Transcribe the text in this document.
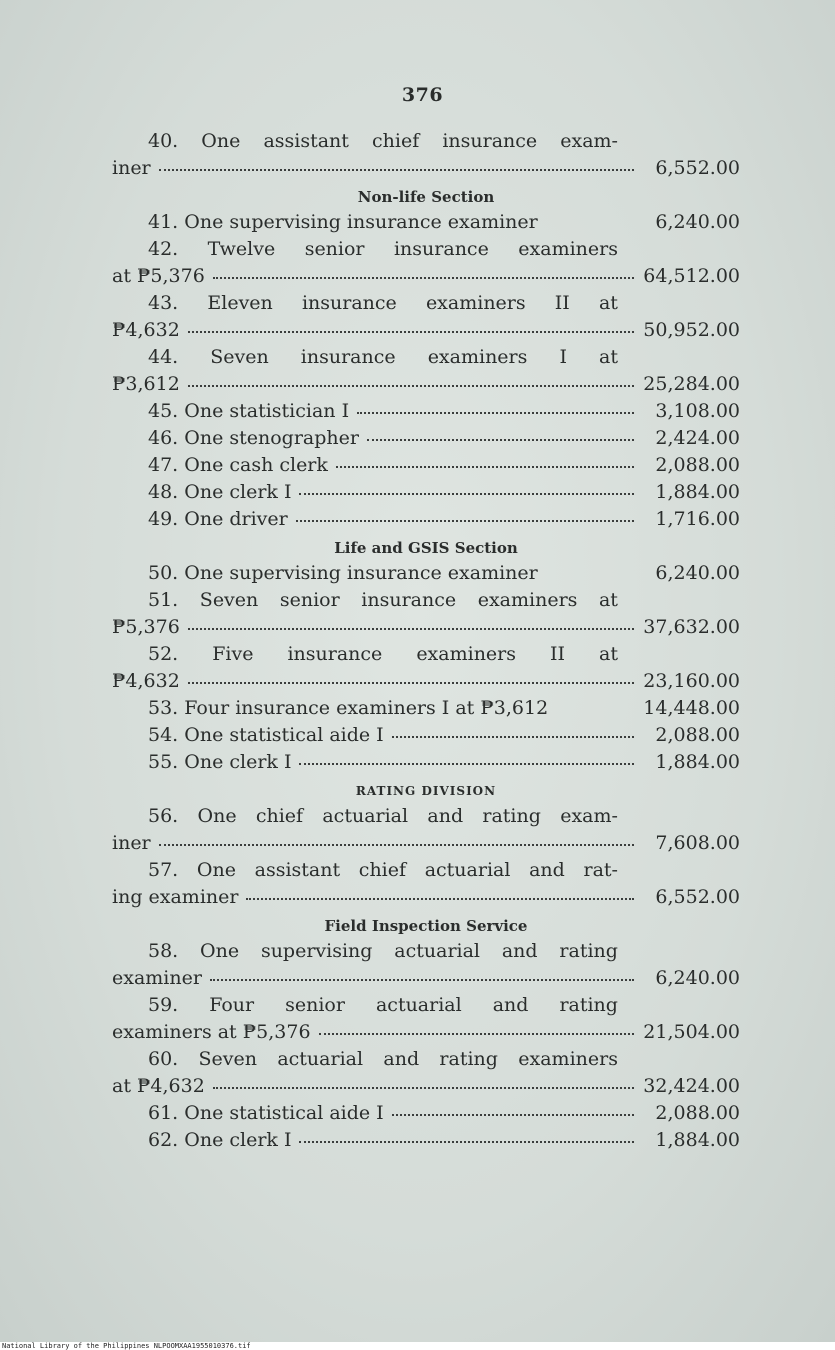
376
40. One assistant chief insurance exam-
iner	6,552.00
Non-life Section
41. One supervising insurance examiner	6,240.00
42. Twelve senior insurance examiners
at ₱5,376	64,512.00
43. Eleven insurance examiners II at
₱4,632	50,952.00
44. Seven insurance examiners I at
₱3,612	25,284.00
45. One statistician I	3,108.00
46. One stenographer	2,424.00
47. One cash clerk	2,088.00
48. One clerk I	1,884.00
49. One driver	1,716.00
Life and GSIS Section
50. One supervising insurance examiner	6,240.00
51. Seven senior insurance examiners at
₱5,376	37,632.00
52. Five insurance examiners II at
₱4,632	23,160.00
53. Four insurance examiners I at ₱3,612	14,448.00
54. One statistical aide I	2,088.00
55. One clerk I	1,884.00
RATING DIVISION
56. One chief actuarial and rating exam-
iner	7,608.00
57. One assistant chief actuarial and rat-
ing examiner	6,552.00
Field Inspection Service
58. One supervising actuarial and rating
examiner	6,240.00
59. Four senior actuarial and rating
examiners at ₱5,376	21,504.00
60. Seven actuarial and rating examiners
at ₱4,632	32,424.00
61. One statistical aide I	2,088.00
62. One clerk I	1,884.00
National Library of the Philippines NLPOOMXAA1955010376.tif
